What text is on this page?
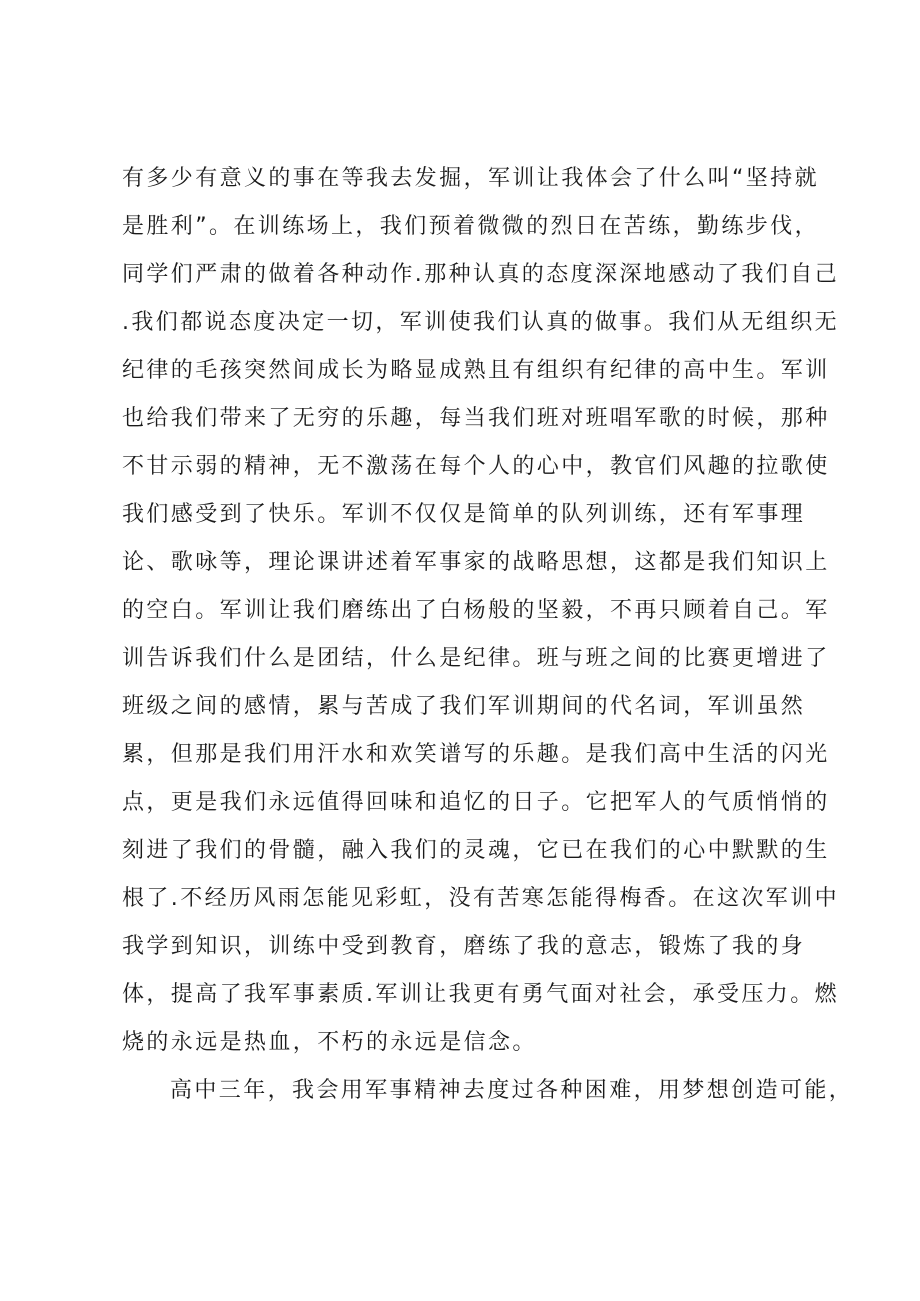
有多少有意义的事在等我去发掘，军训让我体会了什么叫“坚持就
是胜利”。在训练场上，我们预着微微的烈日在苦练，勤练步伐，
同学们严肃的做着各种动作.那种认真的态度深深地感动了我们自己
.我们都说态度决定一切，军训使我们认真的做事。我们从无组织无
纪律的毛孩突然间成长为略显成熟且有组织有纪律的高中生。军训
也给我们带来了无穷的乐趣，每当我们班对班唱军歌的时候，那种
不甘示弱的精神，无不激荡在每个人的心中，教官们风趣的拉歌使
我们感受到了快乐。军训不仅仅是简单的队列训练，还有军事理
论、歌咏等，理论课讲述着军事家的战略思想，这都是我们知识上
的空白。军训让我们磨练出了白杨般的坚毅，不再只顾着自己。军
训告诉我们什么是团结，什么是纪律。班与班之间的比赛更增进了
班级之间的感情，累与苦成了我们军训期间的代名词，军训虽然
累，但那是我们用汗水和欢笑谱写的乐趣。是我们高中生活的闪光
点，更是我们永远值得回味和追忆的日子。它把军人的气质悄悄的
刻进了我们的骨髓，融入我们的灵魂，它已在我们的心中默默的生
根了.不经历风雨怎能见彩虹，没有苦寒怎能得梅香。在这次军训中
我学到知识，训练中受到教育，磨练了我的意志，锻炼了我的身
体，提高了我军事素质.军训让我更有勇气面对社会，承受压力。燃
烧的永远是热血，不朽的永远是信念。
高中三年，我会用军事精神去度过各种困难，用梦想创造可能，
